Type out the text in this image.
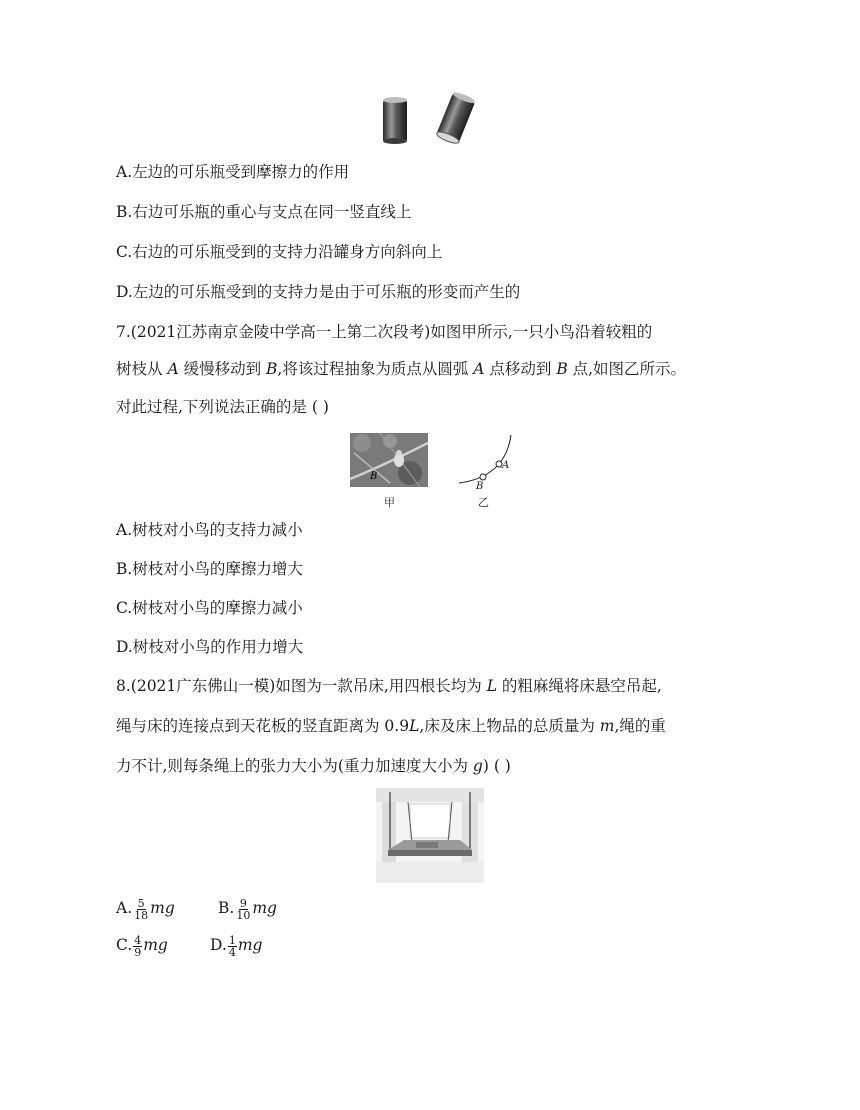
A.左边的可乐瓶受到摩擦力的作用
B.右边可乐瓶的重心与支点在同一竖直线上
C.右边的可乐瓶受到的支持力沿罐身方向斜向上
D.左边的可乐瓶受到的支持力是由于可乐瓶的形变而产生的
7.(2021江苏南京金陵中学高一上第二次段考)如图甲所示,一只小鸟沿着较粗的
树枝从 A 缓慢移动到 B,将该过程抽象为质点从圆弧 A 点移动到 B 点,如图乙所示。
对此过程,下列说法正确的是 ( )
B
甲
A
B
乙
A.树枝对小鸟的支持力减小
B.树枝对小鸟的摩擦力增大
C.树枝对小鸟的摩擦力减小
D.树枝对小鸟的作用力增大
8.(2021广东佛山一模)如图为一款吊床,用四根长均为 L 的粗麻绳将床悬空吊起,
绳与床的连接点到天花板的竖直距离为 0.9L,床及床上物品的总质量为 m,绳的重
力不计,则每条绳上的张力大小为(重力加速度大小为 g) ( )
A. $\frac{5}{18}$ mg	B. $\frac{9}{10}$ mg
C. $\frac{4}{9}$ mg	D. $\frac{1}{4}$ mg
